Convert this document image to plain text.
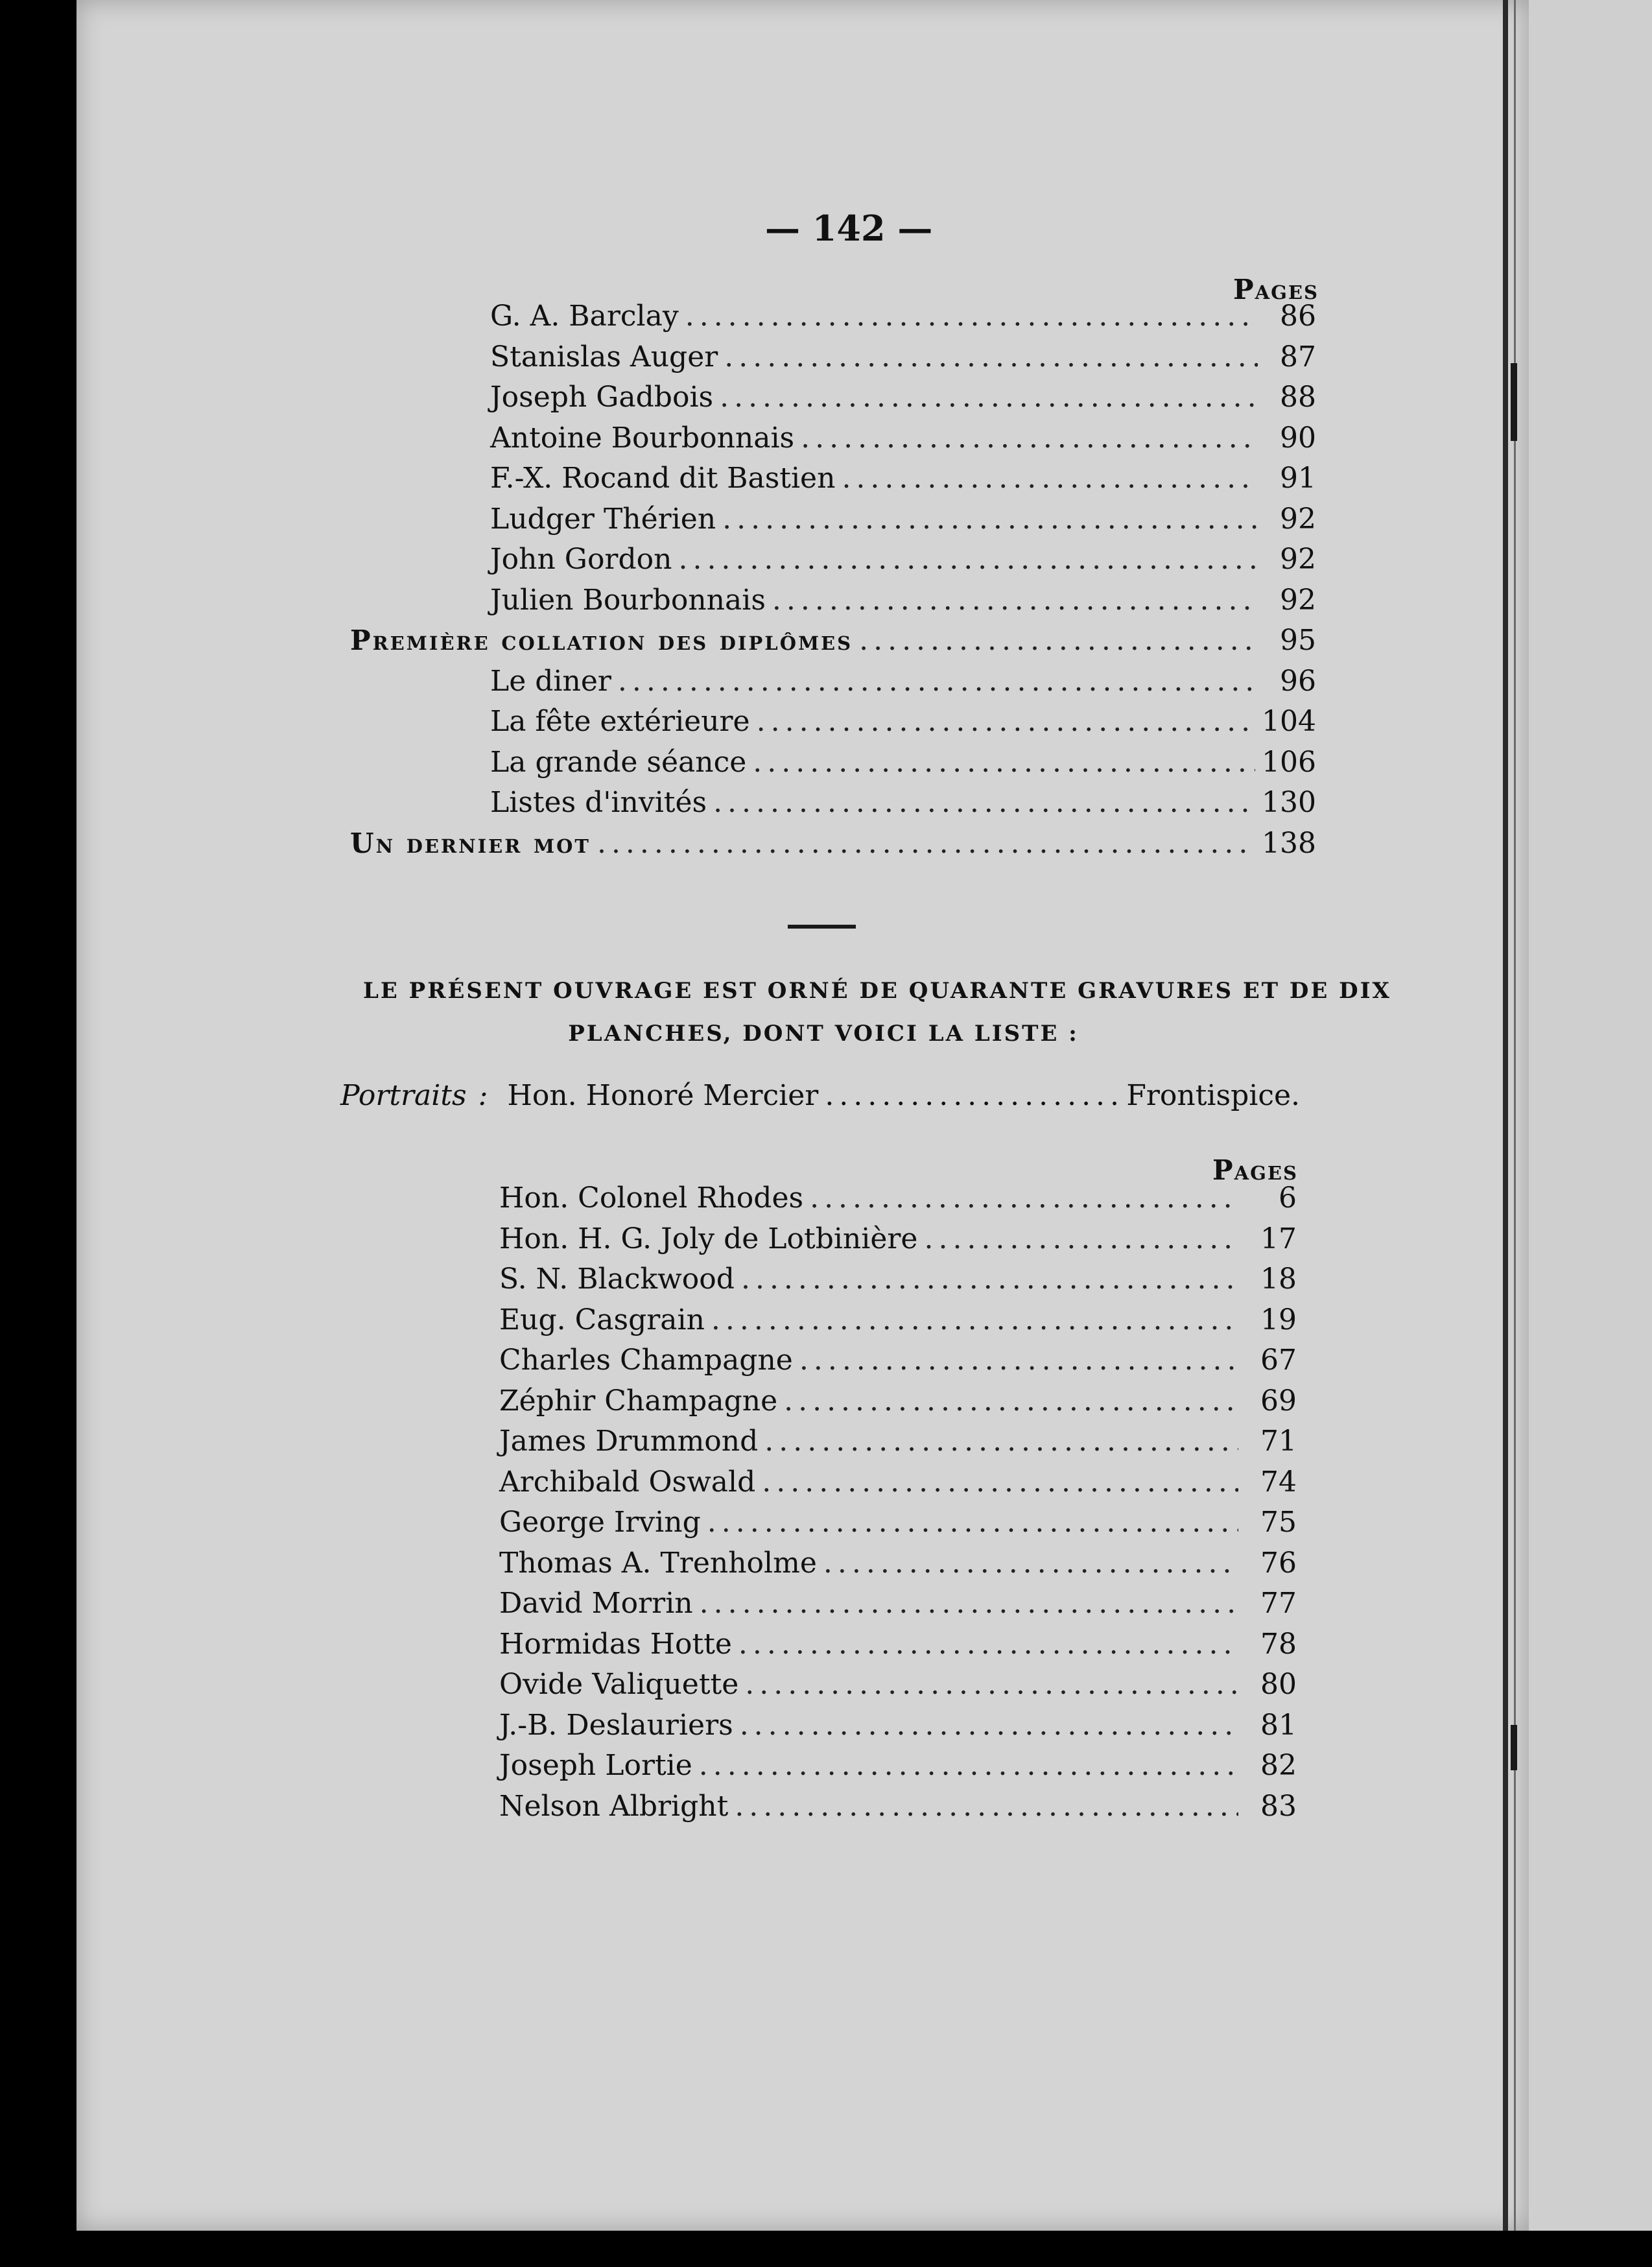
— 142 —
Pages
G. A. Barclay .....	86
Stanislas Auger .....	87
Joseph Gadbois .....	88
Antoine Bourbonnais .....	90
F.-X. Rocand dit Bastien .....	91
Ludger Thérien .....	92
John Gordon .....	92
Julien Bourbonnais .....	92
Première collation des diplômes .....	95
Le diner .....	96
La fête extérieure .....	104
La grande séance .....	106
Listes d'invités .....	130
Un dernier mot .....	138
LE PRÉSENT OUVRAGE EST ORNÉ DE QUARANTE GRAVURES ET DE DIX
PLANCHES, DONT VOICI LA LISTE :
Portraits : Hon. Honoré Mercier .....	Frontispice.
Pages
Hon. Colonel Rhodes .....	6
Hon. H. G. Joly de Lotbinière .....	17
S. N. Blackwood .....	18
Eug. Casgrain .....	19
Charles Champagne .....	67
Zéphir Champagne .....	69
James Drummond .....	71
Archibald Oswald .....	74
George Irving .....	75
Thomas A. Trenholme .....	76
David Morrin .....	77
Hormidas Hotte .....	78
Ovide Valiquette .....	80
J.-B. Deslauriers .....	81
Joseph Lortie .....	82
Nelson Albright .....	83
